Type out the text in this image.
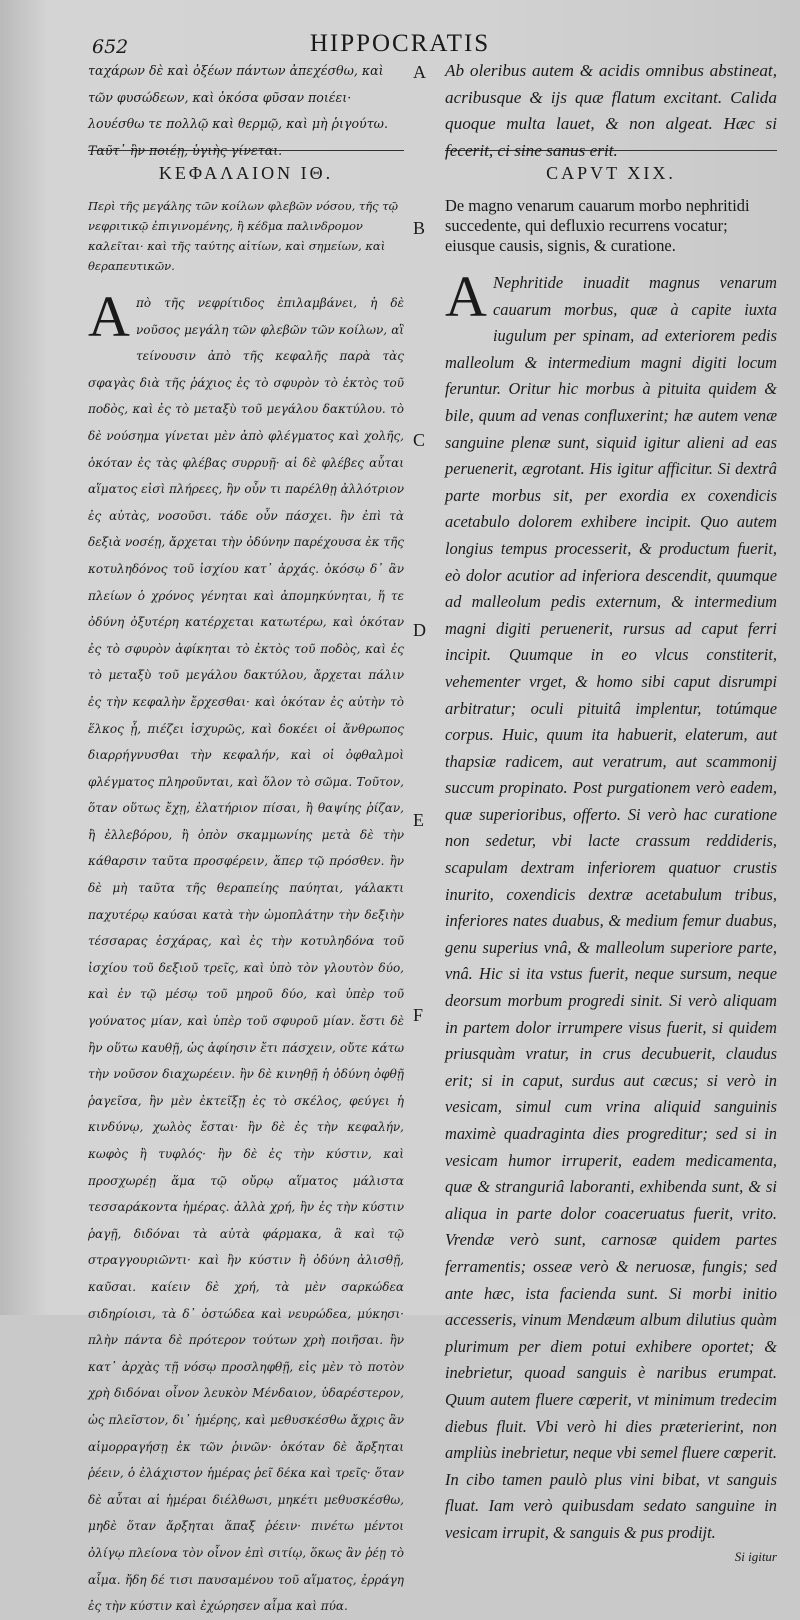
652	HIPPOCRATIS
A
B
C
D
E
F

ταχάρων δὲ καὶ ὀξέων πάντων ἀπεχέσθω, καὶ τῶν φυσώδεων, καὶ ὁκόσα φῦσαν ποιέει· λουέσθω τε πολλῷ καὶ θερμῷ, καὶ μὴ ῥιγούτω. Ταῦτ᾽ ἢν ποιέῃ, ὑγιὴς γίνεται.

ΚΕΦΑΛΑΙΟΝ ΙΘ.

Περὶ τῆς μεγάλης τῶν κοίλων φλεβῶν νόσου, τῆς τῷ νεφριτικῷ ἐπιγινομένης, ἣ κέδμα παλινδρομον καλεῖται· καὶ τῆς ταύτης αἰτίων, καὶ σημείων, καὶ θεραπευτικῶν.

Α πὸ τῆς νεφρίτιδος ἐπιλαμβάνει, ἡ δὲ νοῦσος μεγάλη τῶν φλεβῶν τῶν κοίλων, αἳ τείνουσιν ἀπὸ τῆς κεφαλῆς παρὰ τὰς σφαγὰς διὰ τῆς ῥάχιος ἐς τὸ σφυρὸν τὸ ἐκτὸς τοῦ ποδὸς, καὶ ἐς τὸ μεταξὺ τοῦ μεγάλου δακτύλου. τὸ δὲ νούσημα γίνεται μὲν ἀπὸ φλέγματος καὶ χολῆς, ὁκόταν ἐς τὰς φλέβας συρρυῇ· αἱ δὲ φλέβες αὗται αἵματος εἰσὶ πλήρεες, ἢν οὖν τι παρέλθῃ ἀλλότριον ἐς αὐτὰς, νοσοῦσι. τάδε οὖν πάσχει. ἢν ἐπὶ τὰ δεξιὰ νοσέῃ, ἄρχεται τὴν ὀδύνην παρέχουσα ἐκ τῆς κοτυληδόνος τοῦ ἰσχίου κατ᾽ ἀρχάς. ὁκόσῳ δ᾽ ἂν πλείων ὁ χρόνος γένηται καὶ ἀπομηκύνηται, ἥ τε ὀδύνη ὀξυτέρη κατέρχεται κατωτέρω, καὶ ὁκόταν ἐς τὸ σφυρὸν ἀφίκηται τὸ ἐκτὸς τοῦ ποδὸς, καὶ ἐς τὸ μεταξὺ τοῦ μεγάλου δακτύλου, ἄρχεται πάλιν ἐς τὴν κεφαλὴν ἔρχεσθαι· καὶ ὁκόταν ἐς αὐτὴν τὸ ἕλκος ᾖ, πιέζει ἰσχυρῶς, καὶ δοκέει οἱ ἄνθρωπος διαρρήγνυσθαι τὴν κεφαλήν, καὶ οἱ ὀφθαλμοὶ φλέγματος πληροῦνται, καὶ ὅλον τὸ σῶμα. Τοῦτον, ὅταν οὕτως ἔχῃ, ἐλατήριον πίσαι, ἢ θαψίης ῥίζαν, ἢ ἐλλεβόρου, ἢ ὀπὸν σκαμμωνίης μετὰ δὲ τὴν κάθαρσιν ταῦτα προσφέρειν, ἅπερ τῷ πρόσθεν. ἢν δὲ μὴ ταῦτα τῆς θεραπείης παύηται, γάλακτι παχυτέρῳ καύσαι κατὰ τὴν ὠμοπλάτην τὴν δεξιὴν τέσσαρας ἐσχάρας, καὶ ἐς τὴν κοτυληδόνα τοῦ ἰσχίου τοῦ δεξιοῦ τρεῖς, καὶ ὑπὸ τὸν γλουτὸν δύο, καὶ ἐν τῷ μέσῳ τοῦ μηροῦ δύο, καὶ ὑπὲρ τοῦ γούνατος μίαν, καὶ ὑπὲρ τοῦ σφυροῦ μίαν. ἔστι δὲ ἢν οὕτω καυθῇ, ὡς ἀφίησιν ἔτι πάσχειν, οὔτε κάτω τὴν νοῦσον διαχωρέειν. ἢν δὲ κινηθῇ ἡ ὀδύνη ὀφθῇ ῥαγεῖσα, ἢν μὲν ἐκτεῖξῃ ἐς τὸ σκέλος, φεύγει ἡ κινδύνῳ, χωλὸς ἔσται· ἢν δὲ ἐς τὴν κεφαλήν, κωφὸς ἢ τυφλός· ἢν δὲ ἐς τὴν κύστιν, καὶ προσχωρέῃ ἅμα τῷ οὔρῳ αἵματος μάλιστα τεσσαράκοντα ἡμέρας. ἀλλὰ χρή, ἢν ἐς τὴν κύστιν ῥαγῇ, διδόναι τὰ αὐτὰ φάρμακα, ἃ καὶ τῷ στραγγουριῶντι· καὶ ἢν κύστιν ἢ ὀδύνη ἀλισθῇ, καῦσαι. καίειν δὲ χρή, τὰ μὲν σαρκώδεα σιδηρίοισι, τὰ δ᾽ ὀστώδεα καὶ νευρώδεα, μύκησι· πλὴν πάντα δὲ πρότερον τούτων χρὴ ποιῆσαι. ἢν κατ᾽ ἀρχὰς τῇ νόσῳ προσληφθῇ, εἰς μὲν τὸ ποτὸν χρὴ διδόναι οἶνον λευκὸν Μένδαιον, ὑδαρέστερον, ὡς πλεῖστον, δι᾽ ἡμέρης, καὶ μεθυσκέσθω ἄχρις ἂν αἱμορραγήσῃ ἐκ τῶν ῥινῶν· ὁκόταν δὲ ἄρξηται ῥέειν, ὁ ἐλάχιστον ἡμέρας ῥεῖ δέκα καὶ τρεῖς· ὅταν δὲ αὗται αἱ ἡμέραι διέλθωσι, μηκέτι μεθυσκέσθω, μηδὲ ὅταν ἄρξηται ἅπαξ ῥέειν· πινέτω μέντοι ὀλίγῳ πλείονα τὸν οἶνον ἐπὶ σιτίῳ, ὅκως ἂν ῥέῃ τὸ αἷμα. ἤδη δέ τισι παυσαμένου τοῦ αἵματος, ἐρράγη ἐς τὴν κύστιν καὶ ἐχώρησεν αἷμα καὶ πύα.

Ab oleribus autem & acidis omnibus abstineat, acribusque & ijs quæ flatum excitant. Calida quoque multa lauet, & non algeat. Hæc si fecerit, ci sine sanus erit.

CAPVT XIX.

De magno venarum cauarum morbo nephritidi succedente, qui defluxio recurrens vocatur; eiusque causis, signis, & curatione.

A Nephritide inuadit magnus venarum cauarum morbus, quæ à capite iuxta iugulum per spinam, ad exteriorem pedis malleolum & intermedium magni digiti locum feruntur. Oritur hic morbus à pituita quidem & bile, quum ad venas confluxerint; hæ autem venæ sanguine plenæ sunt, siquid igitur alieni ad eas peruenerit, ægrotant. His igitur afficitur. Si dextrâ parte morbus sit, per exordia ex coxendicis acetabulo dolorem exhibere incipit. Quo autem longius tempus processerit, & productum fuerit, eò dolor acutior ad inferiora descendit, quumque ad malleolum pedis externum, & intermedium magni digiti peruenerit, rursus ad caput ferri incipit. Quumque in eo vlcus constiterit, vehementer vrget, & homo sibi caput disrumpi arbitratur; oculi pituitâ implentur, totúmque corpus. Huic, quum ita habuerit, elaterum, aut thapsiæ radicem, aut veratrum, aut scammonij succum propinato. Post purgationem verò eadem, quæ superioribus, offerto. Si verò hac curatione non sedetur, vbi lacte crassum reddideris, scapulam dextram inferiorem quatuor crustis inurito, coxendicis dextræ acetabulum tribus, inferiores nates duabus, & medium femur duabus, genu superius vnâ, & malleolum superiore parte, vnâ. Hic si ita vstus fuerit, neque sursum, neque deorsum morbum progredi sinit. Si verò aliquam in partem dolor irrumpere visus fuerit, si quidem priusquàm vratur, in crus decubuerit, claudus erit; si in caput, surdus aut cæcus; si verò in vesicam, simul cum vrina aliquid sanguinis maximè quadraginta dies progreditur; sed si in vesicam humor irruperit, eadem medicamenta, quæ & stranguriâ laboranti, exhibenda sunt, & si aliqua in parte dolor coaceruatus fuerit, vrito. Vrendæ verò sunt, carnosæ quidem partes ferramentis; osseæ verò & neruosæ, fungis; sed ante hæc, ista facienda sunt. Si morbi initio accesseris, vinum Mendæum album dilutius quàm plurimum per diem potui exhibere oportet; & inebrietur, quoad sanguis è naribus erumpat. Quum autem fluere cœperit, vt minimum tredecim diebus fluit. Vbi verò hi dies præterierint, non ampliùs inebrietur, neque vbi semel fluere cœperit. In cibo tamen paulò plus vini bibat, vt sanguis fluat. Iam verò quibusdam sedato sanguine in vesicam irrupit, & sanguis & pus prodijt.

Si igitur
